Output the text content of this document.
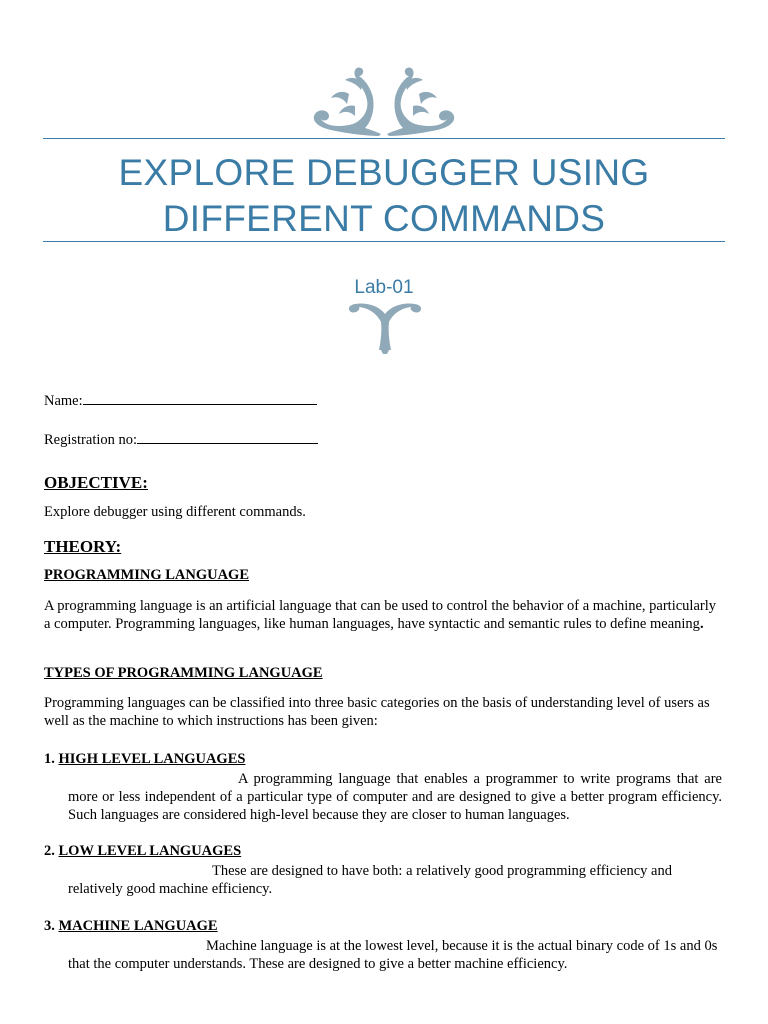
EXPLORE DEBUGGER USING
DIFFERENT COMMANDS
Lab-01
Name:
Registration no:
OBJECTIVE:
Explore debugger using different commands.
THEORY:
PROGRAMMING LANGUAGE
A programming language is an artificial language that can be used to control the behavior of a machine, particularly a computer. Programming languages, like human languages, have syntactic and semantic rules to define meaning.
TYPES OF PROGRAMMING LANGUAGE
Programming languages can be classified into three basic categories on the basis of understanding level of users as well as the machine to which instructions has been given:
1. HIGH LEVEL LANGUAGES
A programming language that enables a programmer to write programs that are more or less independent of a particular type of computer and are designed to give a better program efficiency. Such languages are considered high-level because they are closer to human languages.
2. LOW LEVEL LANGUAGES
These are designed to have both: a relatively good programming efficiency and relatively good machine efficiency.
3. MACHINE LANGUAGE
Machine language is at the lowest level, because it is the actual binary code of 1s and 0s that the computer understands. These are designed to give a better machine efficiency.
